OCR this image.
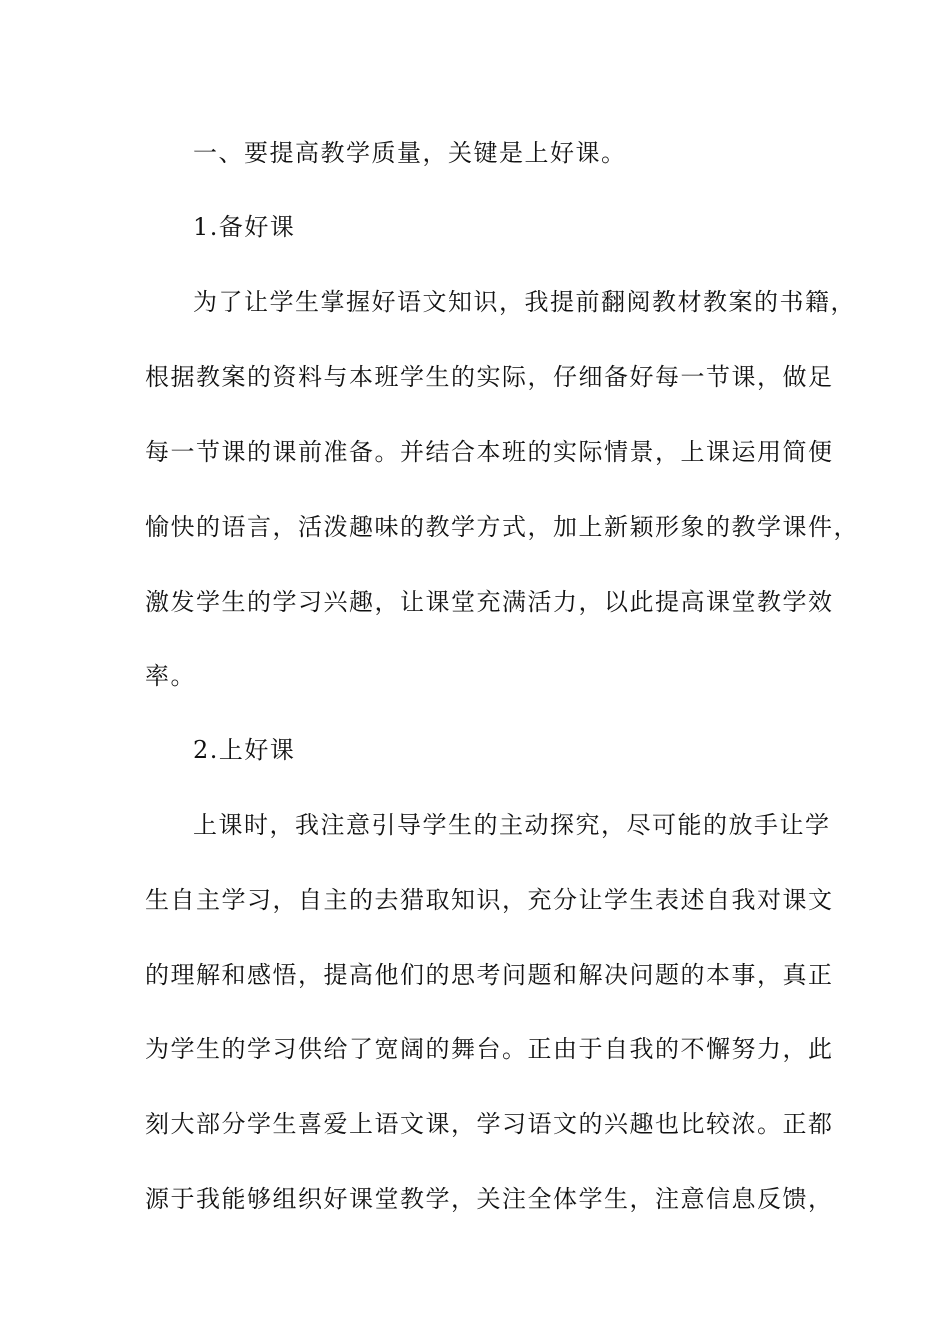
一、要提高教学质量，关键是上好课。
1.备好课
为了让学生掌握好语文知识，我提前翻阅教材教案的书籍，
根据教案的资料与本班学生的实际，仔细备好每一节课，做足
每一节课的课前准备。并结合本班的实际情景，上课运用简便
愉快的语言，活泼趣味的教学方式，加上新颖形象的教学课件，
激发学生的学习兴趣，让课堂充满活力，以此提高课堂教学效
率。
2.上好课
上课时，我注意引导学生的主动探究，尽可能的放手让学
生自主学习，自主的去猎取知识，充分让学生表述自我对课文
的理解和感悟，提高他们的思考问题和解决问题的本事，真正
为学生的学习供给了宽阔的舞台。正由于自我的不懈努力，此
刻大部分学生喜爱上语文课，学习语文的兴趣也比较浓。正都
源于我能够组织好课堂教学，关注全体学生，注意信息反馈，
